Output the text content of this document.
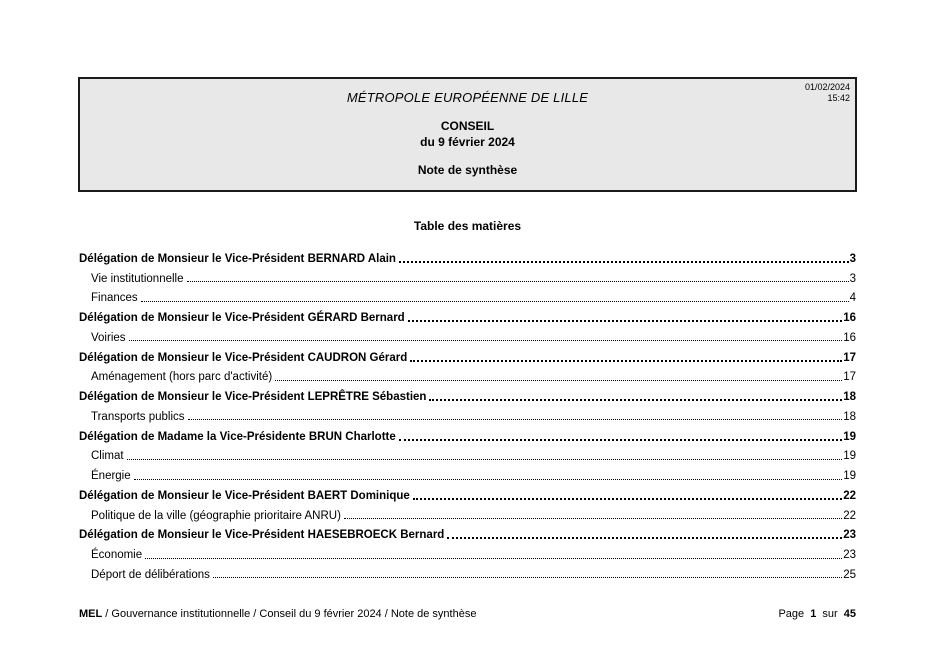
01/02/2024
15:42
MÉTROPOLE EUROPÉENNE DE LILLE
CONSEIL
du 9 février 2024
Note de synthèse
Table des matières
Délégation de Monsieur le Vice-Président BERNARD Alain	3
Vie institutionnelle	3
Finances	4
Délégation de Monsieur le Vice-Président GÉRARD Bernard	16
Voiries	16
Délégation de Monsieur le Vice-Président CAUDRON Gérard	17
Aménagement (hors parc d'activité)	17
Délégation de Monsieur le Vice-Président LEPRÊTRE Sébastien	18
Transports publics	18
Délégation de Madame la Vice-Présidente BRUN Charlotte	19
Climat	19
Énergie	19
Délégation de Monsieur le Vice-Président BAERT Dominique	22
Politique de la ville (géographie prioritaire ANRU)	22
Délégation de Monsieur le Vice-Président HAESEBROECK Bernard	23
Économie	23
Déport de délibérations	25
MEL / Gouvernance institutionnelle / Conseil du 9 février 2024 / Note de synthèse	Page 1 sur 45
